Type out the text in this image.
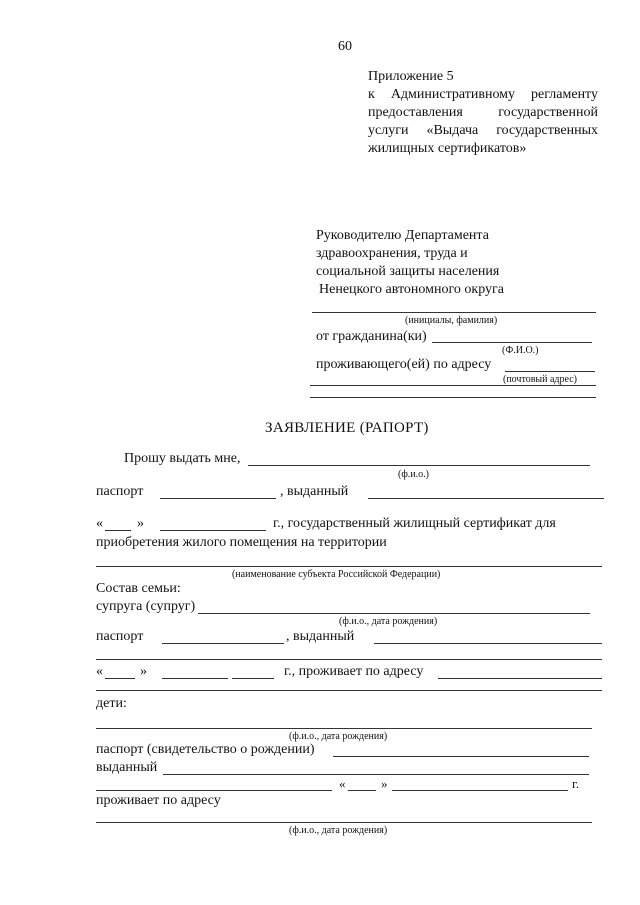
60
Приложение 5
к Административному регламенту
предоставления	государственной
услуги «Выдача государственных
жилищных сертификатов»
Руководителю Департамента
здравоохранения, труда и
социальной защиты населения
Ненецкого автономного округа
(инициалы, фамилия)
от гражданина(ки)
(Ф.И.О.)
проживающего(ей) по адресу
(почтовый адрес)
ЗАЯВЛЕНИЕ (РАПОРТ)
Прошу выдать мне,
(ф.и.о.)
паспорт	, выданный
« »	г., государственный жилищный сертификат для
приобретения жилого помещения на территории
(наименование субъекта Российской Федерации)
Состав семьи:
супруга (супруг)
(ф.и.о., дата рождения)
паспорт	, выданный
«	»	г., проживает по адресу
дети:
(ф.и.о., дата рождения)
паспорт (свидетельство о рождении)
выданный
«	»	г.
проживает по адресу
(ф.и.о., дата рождения)
